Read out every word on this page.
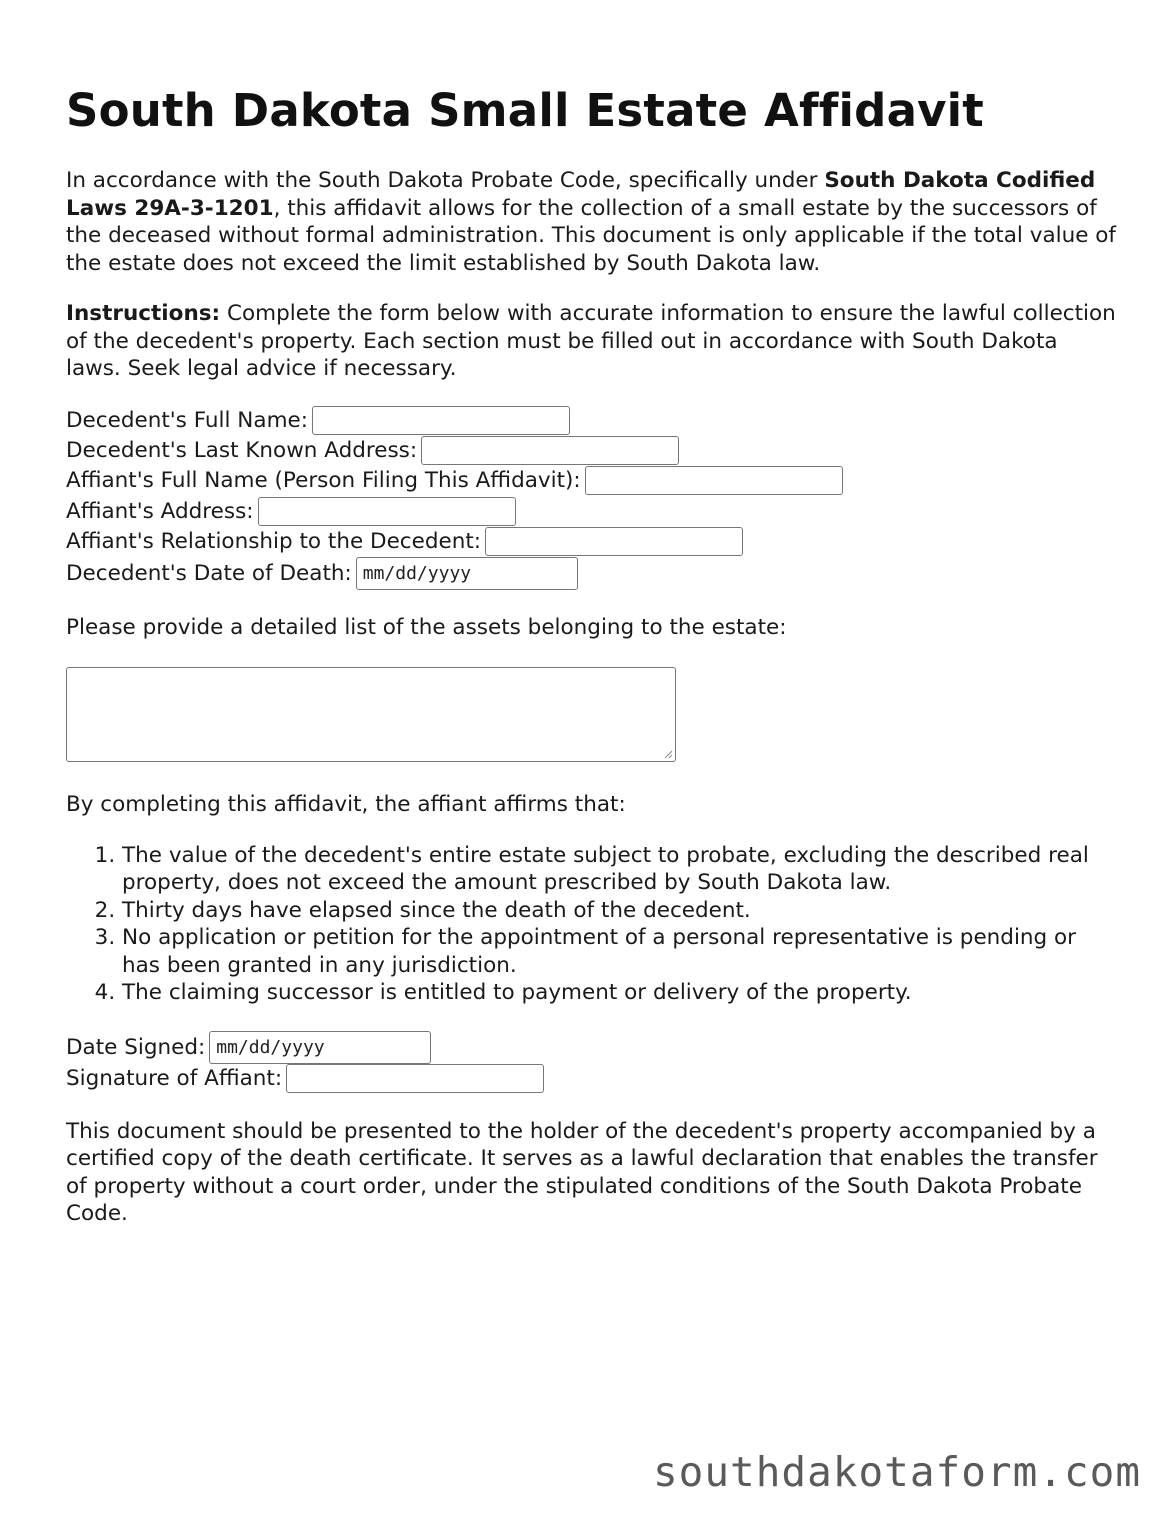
South Dakota Small Estate Affidavit

In accordance with the South Dakota Probate Code, specifically under South Dakota Codified Laws 29A-3-1201, this affidavit allows for the collection of a small estate by the successors of the deceased without formal administration. This document is only applicable if the total value of the estate does not exceed the limit established by South Dakota law.

Instructions: Complete the form below with accurate information to ensure the lawful collection of the decedent's property. Each section must be filled out in accordance with South Dakota laws. Seek legal advice if necessary.

Decedent's Full Name:
Decedent's Last Known Address:
Affiant's Full Name (Person Filing This Affidavit):
Affiant's Address:
Affiant's Relationship to the Decedent:
Decedent's Date of Death: mm/dd/yyyy

Please provide a detailed list of the assets belonging to the estate:

By completing this affidavit, the affiant affirms that:

1. The value of the decedent's entire estate subject to probate, excluding the described real property, does not exceed the amount prescribed by South Dakota law.
2. Thirty days have elapsed since the death of the decedent.
3. No application or petition for the appointment of a personal representative is pending or has been granted in any jurisdiction.
4. The claiming successor is entitled to payment or delivery of the property.
Date Signed: mm/dd/yyyy
Signature of Affiant:

This document should be presented to the holder of the decedent's property accompanied by a certified copy of the death certificate. It serves as a lawful declaration that enables the transfer of property without a court order, under the stipulated conditions of the South Dakota Probate Code.

southdakotaform.com
